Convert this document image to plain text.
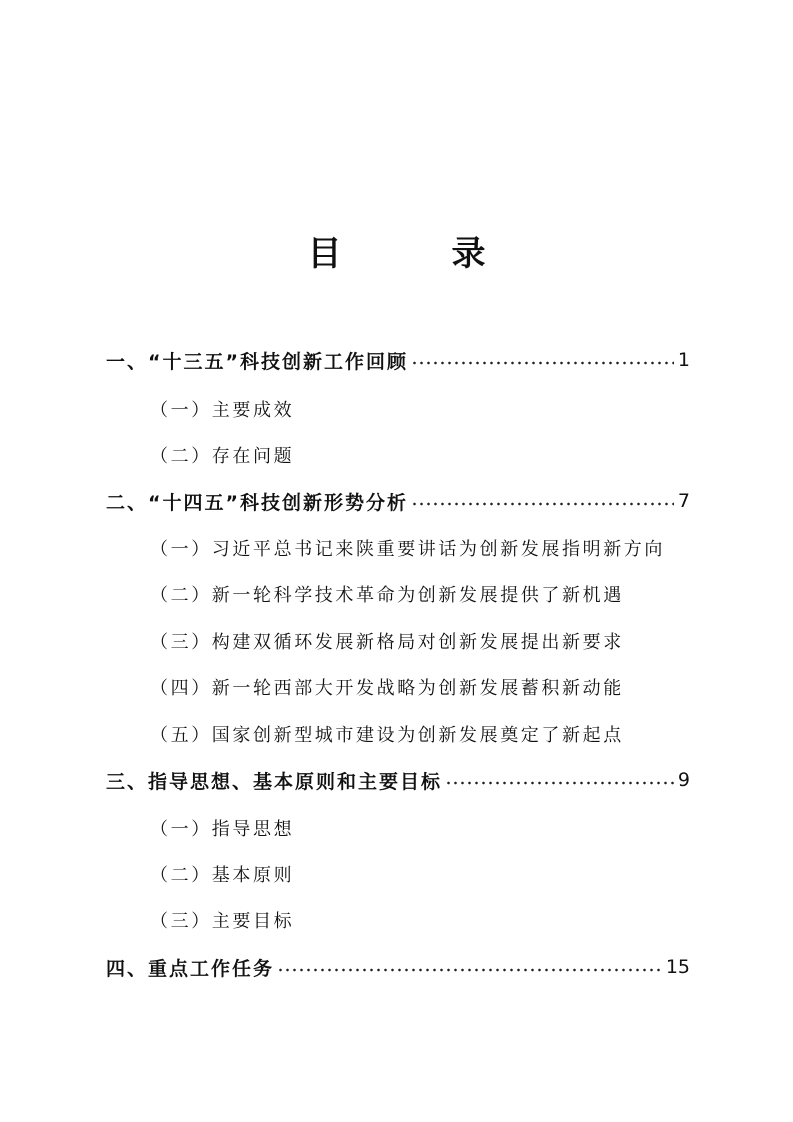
目　录
一、“十三五”科技创新工作回顾	1
（一）主要成效
（二）存在问题
二、“十四五”科技创新形势分析	7
（一）习近平总书记来陕重要讲话为创新发展指明新方向
（二）新一轮科学技术革命为创新发展提供了新机遇
（三）构建双循环发展新格局对创新发展提出新要求
（四）新一轮西部大开发战略为创新发展蓄积新动能
（五）国家创新型城市建设为创新发展奠定了新起点
三、指导思想、基本原则和主要目标	9
（一）指导思想
（二）基本原则
（三）主要目标
四、重点工作任务	15
